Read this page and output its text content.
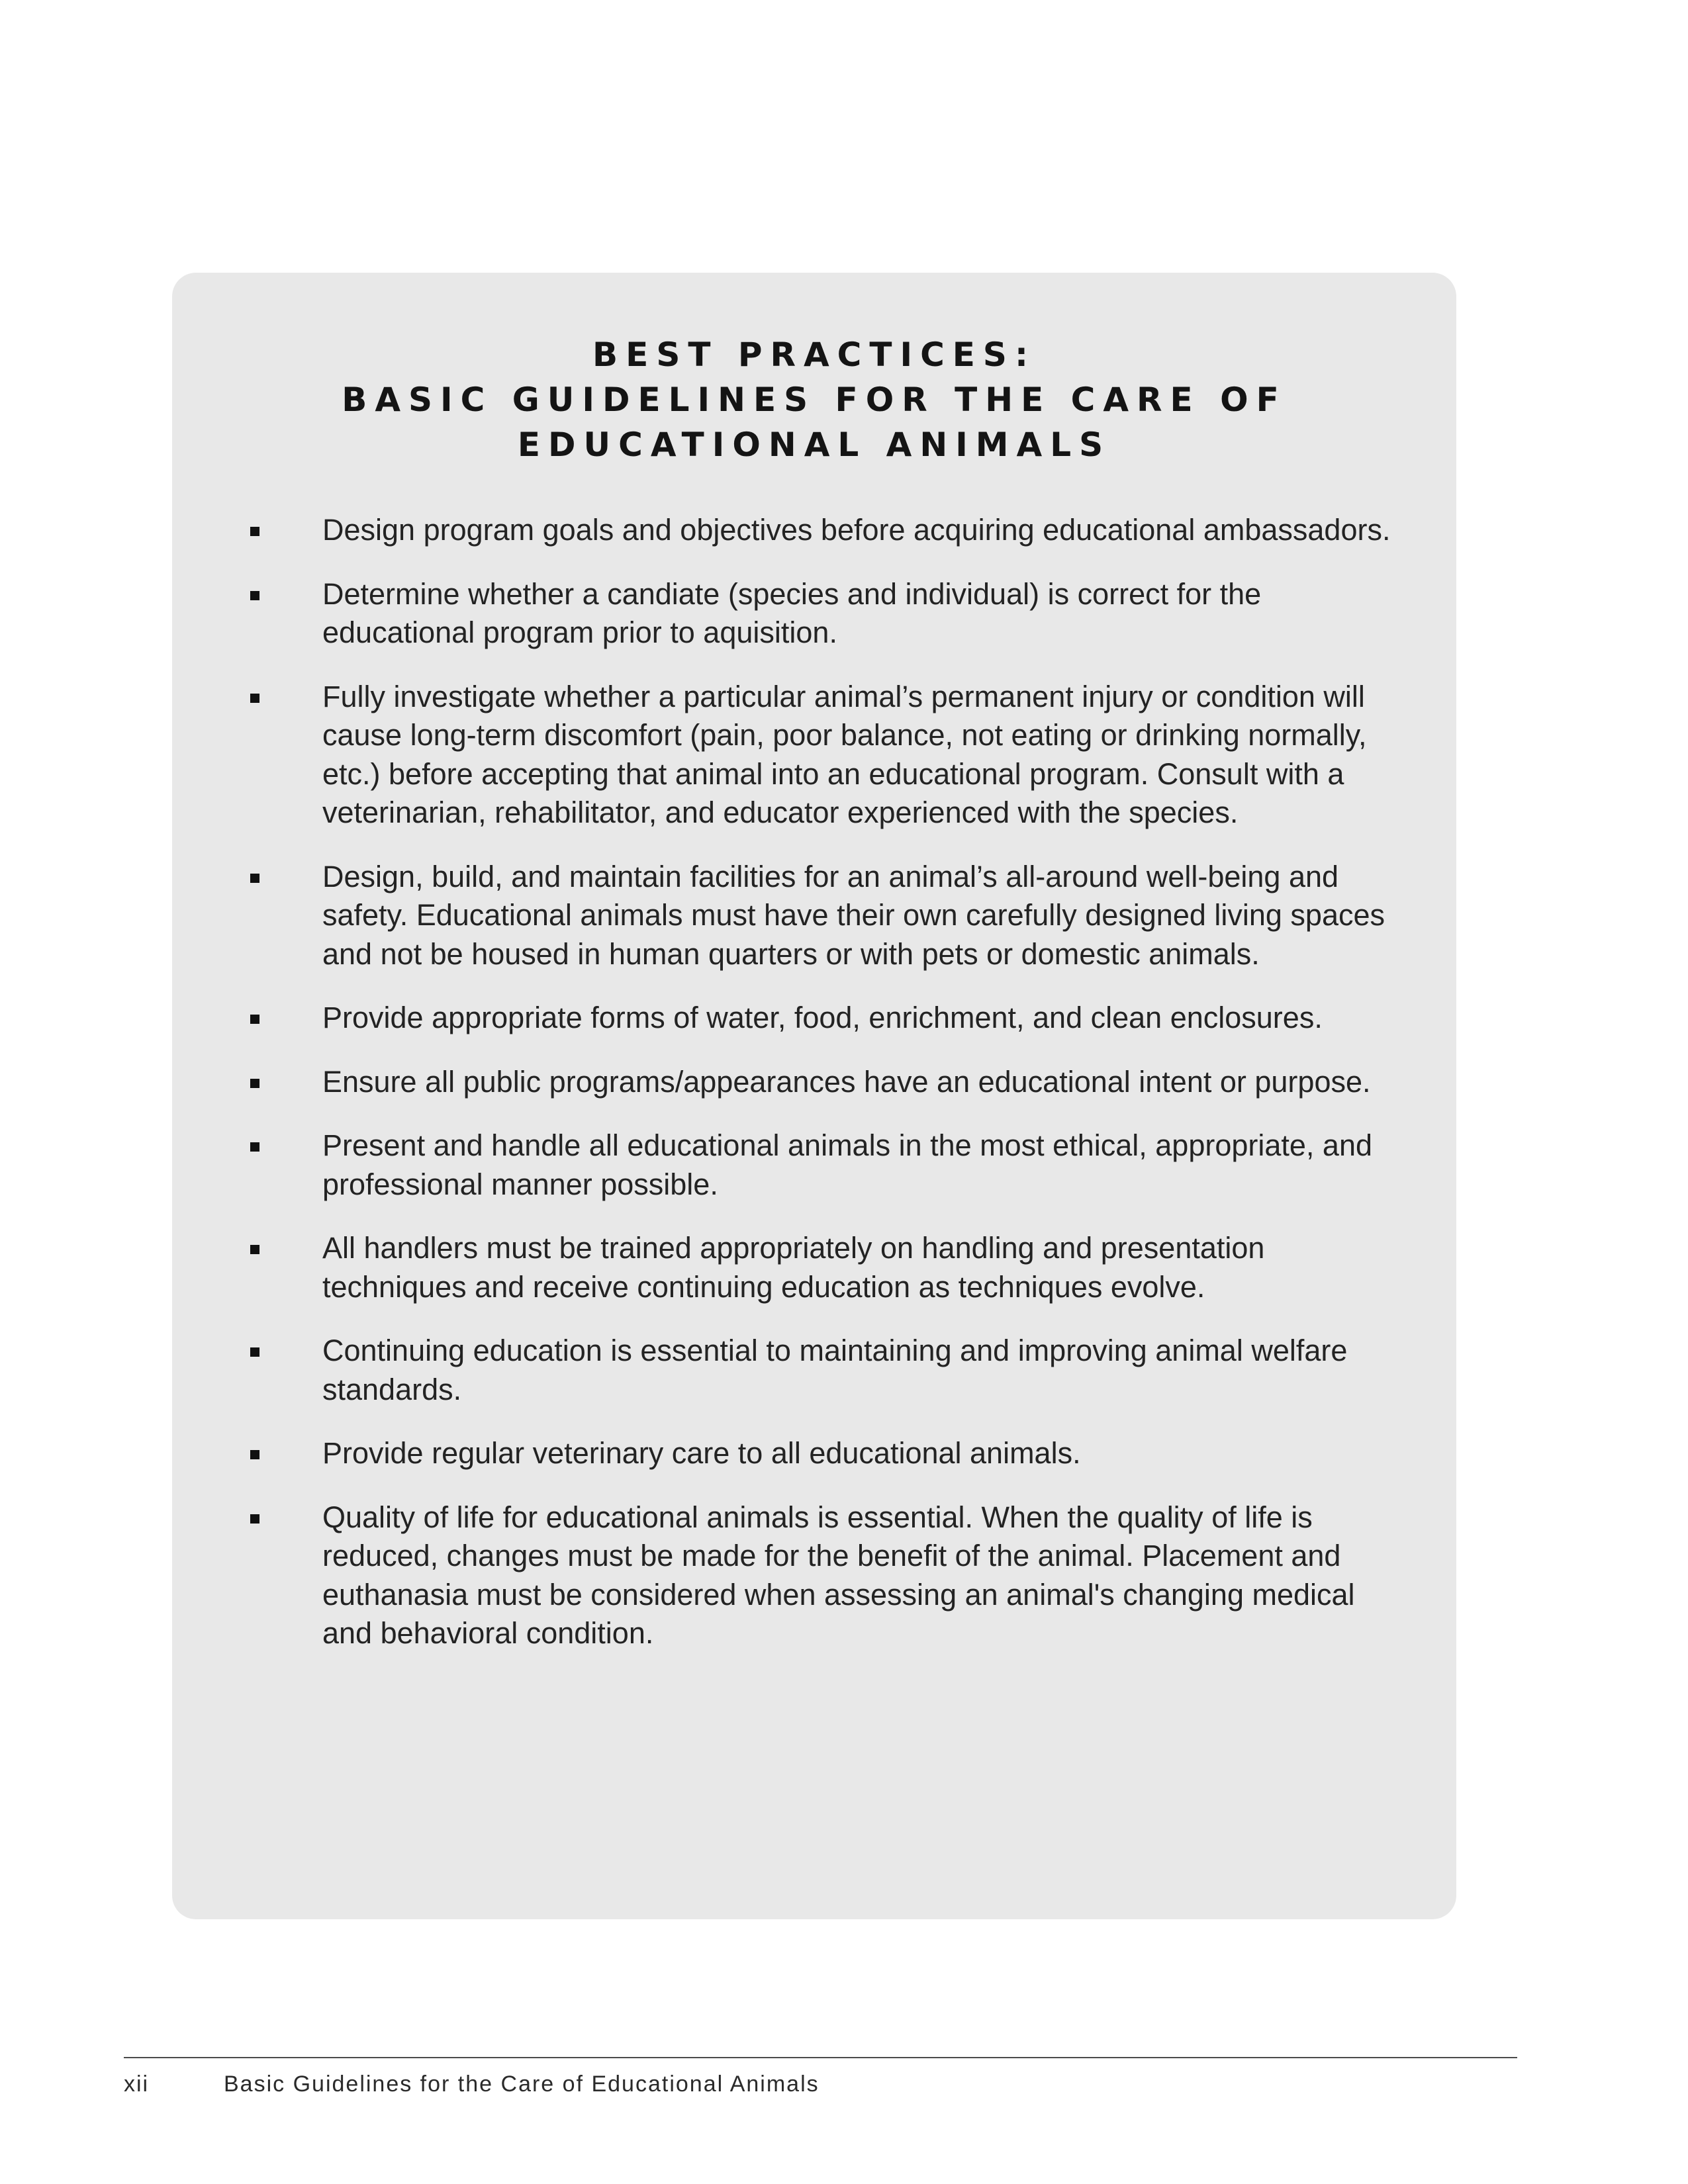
BEST PRACTICES:
BASIC GUIDELINES FOR THE CARE OF
EDUCATIONAL ANIMALS
Design program goals and objectives before acquiring educational ambassadors.
Determine whether a candiate (species and individual) is correct for the educational program prior to aquisition.
Fully investigate whether a particular animal’s permanent injury or condition will cause long-term discomfort (pain, poor balance, not eating or drinking normally, etc.) before accepting that animal into an educational program. Consult with a veterinarian, rehabilitator, and educator experienced with the species.
Design, build, and maintain facilities for an animal’s all-around well-being and safety. Educational animals must have their own carefully designed living spaces and not be housed in human quarters or with pets or domestic animals.
Provide appropriate forms of water, food, enrichment, and clean enclosures.
Ensure all public programs/appearances have an educational intent or purpose.
Present and handle all educational animals in the most ethical, appropriate, and professional manner possible.
All handlers must be trained appropriately on handling and presentation techniques and receive continuing education as techniques evolve.
Continuing education is essential to maintaining and improving animal welfare standards.
Provide regular veterinary care to all educational animals.
Quality of life for educational animals is essential. When the quality of life is reduced, changes must be made for the benefit of the animal. Placement and euthanasia must be considered when assessing an animal's changing medical and behavioral condition.
xii	Basic Guidelines for the Care of Educational Animals
